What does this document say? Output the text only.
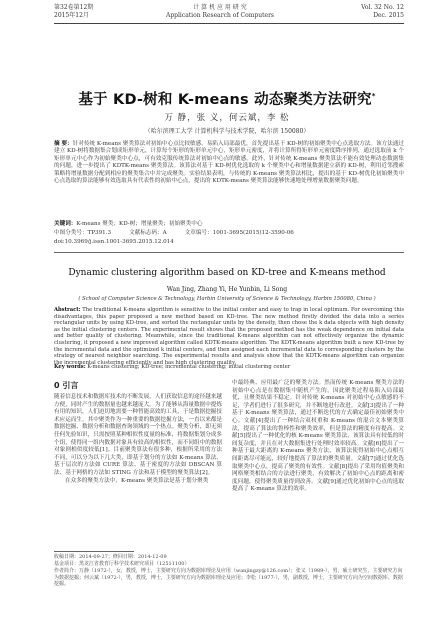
第32卷第12期
2015年12月
计 算 机 应 用 研 究
Application Research of Computers
Vol. 32 No. 12
Dec. 2015
基于 KD-树和 K-means 动态聚类方法研究*
万 静，张 义，何云斌，李 松
（哈尔滨理工大学 计算机科学与技术学院，哈尔滨 150080）
摘 要：针对传统 K-means 聚类算法对初始中心点比较敏感，易陷入局部最优，首先提出基于 KD-树的初始聚类中心点选取方法。该方法通过建立 KD-树将数据集合划成矩形单元，计算每个矩形的矩形单元中心，矩形单元密度，并将计算所得矩形单元密度降序排列，通过选取前 k 个矩形单元中心作为初始聚类中心点，可有效克服传统算法对初始中心点的敏感。此外，针对传统 K-means 聚类算法不能有效处理动态数据集的问题，进一步提出了 KDTK-means 聚类算法。该算法对基于 KD-树优化选取的 k 个聚类中心和增量数据建立新的 KD-树，利用近邻搜索策略将增量数据分配到相应的聚类集合中并完成聚类。实验结果表明，与传统的 K-means 聚类算法相比，提出的基于 KD-树优化初始聚类中心点选取的算法能够有效选取具有代表性的初始中心点，提出的 KDTK-means 聚类算法能够快速地处理增量数据聚类问题。
关键词：K-means 聚类；KD-树；增量聚类；初始聚类中心
中图分类号：TP391.3	文献标志码：A	文章编号：1001-3695(2015)12-3590-06
doi:10.3969/j.issn.1001-3695.2015.12.014
Dynamic clustering algorithm based on KD-tree and K-means method
Wan Jing, Zhang Yi, He Yunbin, Li Song
( School of Computer Science & Technology, Harbin University of Science & Technology, Harbin 150080, China )
Abstract: The traditional K-means algorithm is sensitive to the initial center and easy to trap in local optimum. For overcoming this disadvantages, this paper proposed a new method based on KD-tree. The new method firstly divided the data into a series rectangular units by using KD-tree, and sorted the rectangular units by the density, then chose the k data objects with high density as the initial clustering centers. The experimental result shows that the proposed method has the weak dependence on initial data and better quality of clustering. Meanwhile, since the traditional K-means algorithm can not effectively organize the dynamic clustering, it proposed a new improved algorithm called KDTK-means algorithm. The KDTK-means algorithm built a new KD-tree by the incremental data and the optimized k initial centers, and then assigned each incremental data to corresponding clusters by the strategy of nearest neighbor searching. The experimental results and analysis show that the KDTK-means algorithm can organize the incremental clustering efficiently and has high clustering quality.
Key words: K-means clustering; KD-tree; incremental clustering; initial clustering center
0 引言
随着信息技术和数据库技术的不断发展，人们获取信息的途径越来越方便，同时产生的数据量也越来越庞大。为了能够从海量数据中提炼有用的知识，人们迫切地需要一种智能高效的工具，于是数据挖掘技术应运而生。其中聚类作为一种重要的数据挖掘方法，一直以来都是数据挖掘、数据分析和数据查询领域的一个热点。聚类分析，即无须任何先验知识，只需按照某种相似性度量的标准，将数据集划分成多个组，使得同一组内数据对象具有较高的相似性，而不同组中的数据对象则相似度较低[1]。目前聚类算法有很多种，根据所采用的方法不同，可以分为以下几大类，即基于划分的方法如 K-means 算法、基于层次的方法如 CURE 算法、基于密度的方法如 DBSCAN 算法、基于网格的方法如 STING 方法和基于模型的聚类算法[2]。
在众多的聚类方法中，K-means 聚类算法是基于划分聚类
中最经典、应用最广泛的聚类方法。然而传统 K-means 聚类方法的初始中心点是在数据集中随机产生的，因此聚类过程易陷入局部最优，且聚类结果不稳定。针对传统 K-means 对初始中心点敏感的不足，学者们进行了很多研究，并不断地进行改进。文献[3]提出了一种基于 K-means 聚类算法，通过不断迭代的方式确定最佳初始聚类中心。文献[4]提出了一种结合双权重和 K-means 的混合文本聚类算法，提高了算法的鲁棒性和聚类效率，但是算法的精度有待提高。文献[5]提出了一种优化的核 K-means 聚类算法，该算法具有较低的时间复杂度，并且在对大数据集进行处理时效率较高。文献[6]提出了一种基于最大距离的 K-means 聚类方法，该算法使得初始中心点相互间距离尽可能远，较好地提高了算法的聚类质量。文献[7]通过优化选取聚类中心点，提高了聚类的有效性。文献[8]提出了采用均值聚类和网格聚类相结合的方法进行聚类，有效解决了初始中心点的距离和密度问题，使得聚类质量得到改善。文献[9]通过优化初始中心点的选取提高了 K-means 算法的效率。
收稿日期：2014-09-27；修回日期：2014-12-09
基金项目：黑龙江省教育厅科学技术研究项目（12511100）
作者简介：万静（1972-），女，教授，博士，主要研究方向为数据库理论及应用（wanjingzy@126.com）；张义（1989-），男，硕士研究生，主要研究方向为数据挖掘；何云斌（1972-），男，教授，博士，主要研究方向为数据库理论及应用；李松（1977-），男，副教授，博士，主要研究方向为空间数据库、数据挖掘。
